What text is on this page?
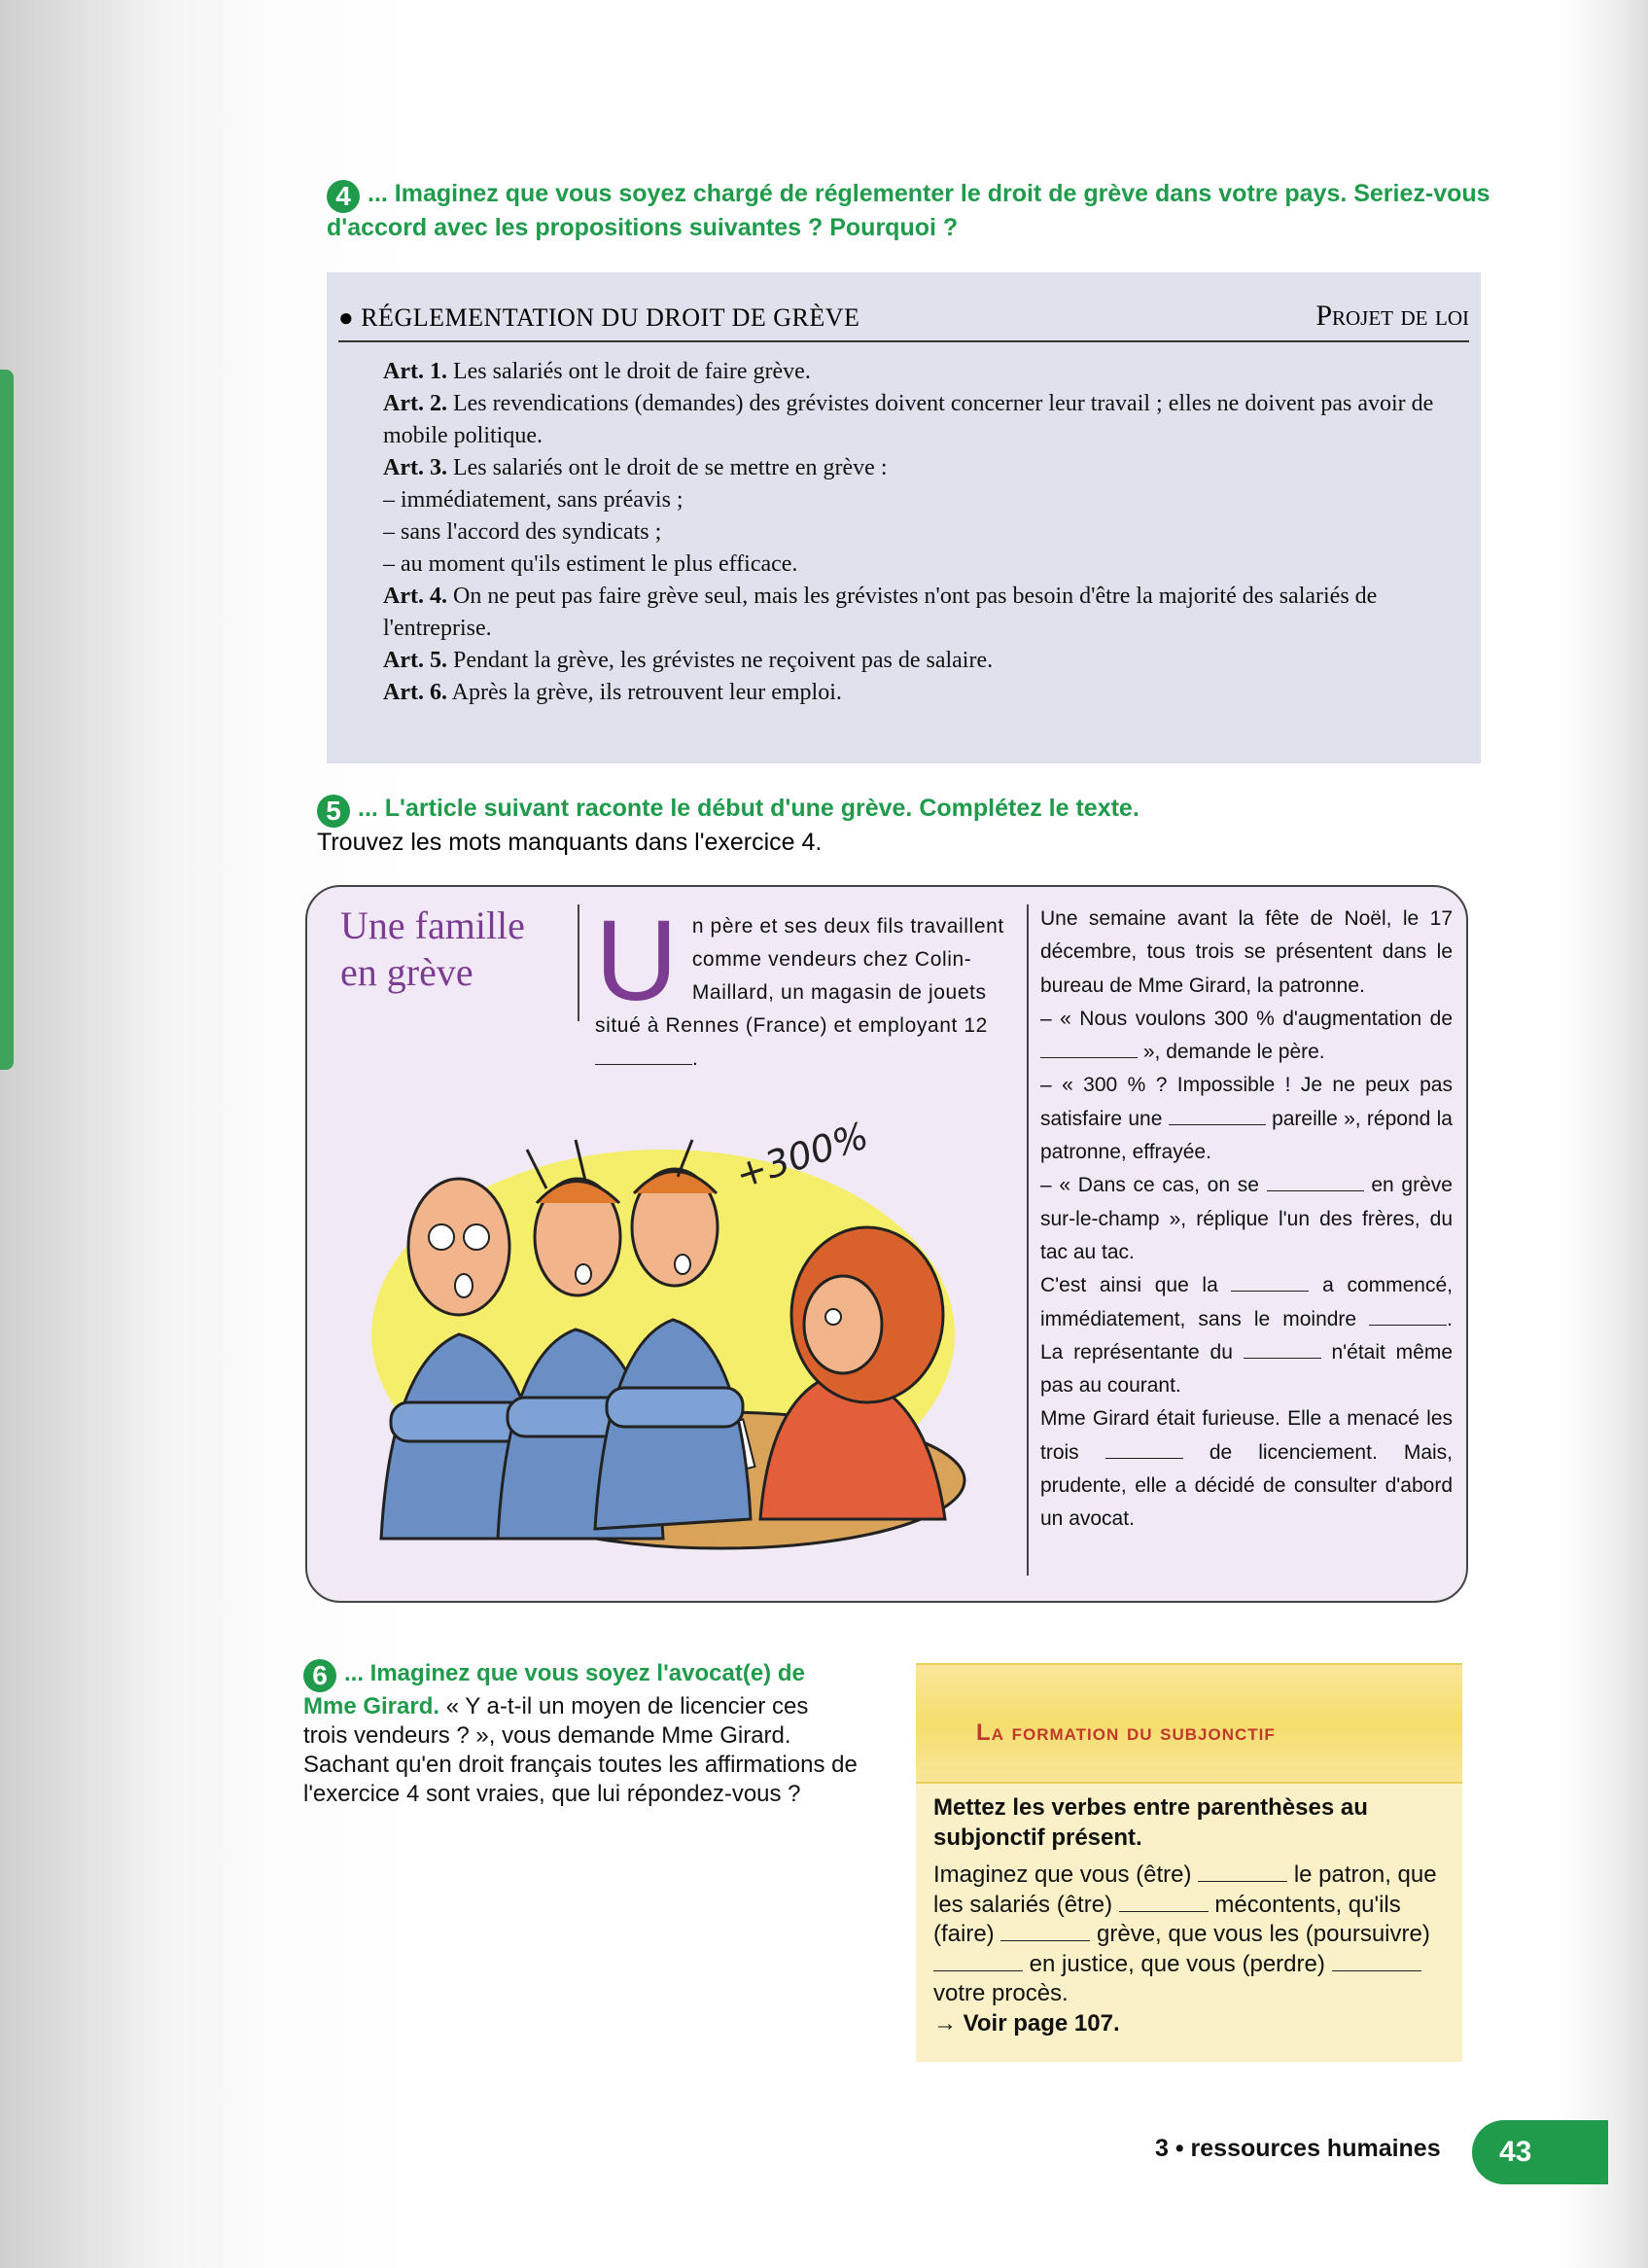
4 ... Imaginez que vous soyez chargé de réglementer le droit de grève dans votre pays. Seriez-vous d'accord avec les propositions suivantes ? Pourquoi ?
● RÉGLEMENTATION DU DROIT DE GRÈVE	Projet de loi

Art. 1. Les salariés ont le droit de faire grève.

Art. 2. Les revendications (demandes) des grévistes doivent concerner leur travail ; elles ne doivent pas avoir de mobile politique.

Art. 3. Les salariés ont le droit de se mettre en grève :

– immédiatement, sans préavis ;

– sans l'accord des syndicats ;

– au moment qu'ils estiment le plus efficace.

Art. 4. On ne peut pas faire grève seul, mais les grévistes n'ont pas besoin d'être la majorité des salariés de l'entreprise.

Art. 5. Pendant la grève, les grévistes ne reçoivent pas de salaire.

Art. 6. Après la grève, ils retrouvent leur emploi.

5 ... L'article suivant raconte le début d'une grève. Complétez le texte.
Trouvez les mots manquants dans l'exercice 4.
Une famille en grève	Un père et ses deux fils travaillent comme vendeurs chez Colin-Maillard, un magasin de jouets situé à Rennes (France) et employant 12 .
+300%
Une semaine avant la fête de Noël, le 17 décembre, tous trois se présentent dans le bureau de Mme Girard, la patronne.
– « Nous voulons 300 % d'augmentation de  », demande le père.
– « 300 % ? Impossible ! Je ne peux pas satisfaire une	pareille », répond la patronne, effrayée.
– « Dans ce cas, on se	en grève sur-le-champ », réplique l'un des frères, du tac au tac.
C'est ainsi que la	a commencé, immédiatement, sans le moindre	. La représentante du	n'était même pas au courant.
Mme Girard était furieuse. Elle a menacé les trois	de licenciement. Mais, prudente, elle a décidé de consulter d'abord un avocat.
6 ... Imaginez que vous soyez l'avocat(e) de Mme Girard. « Y a-t-il un moyen de licencier ces trois vendeurs ? », vous demande Mme Girard. Sachant qu'en droit français toutes les affirmations de l'exercice 4 sont vraies, que lui répondez-vous ?
La formation du subjonctif
Mettez les verbes entre parenthèses au subjonctif présent.
Imaginez que vous (être)	le patron, que les salariés (être)	mécontents, qu'ils (faire)	grève, que vous les (poursuivre)  en justice, que vous (perdre)  votre procès.
→ Voir page 107.
3 • ressources humaines	43
